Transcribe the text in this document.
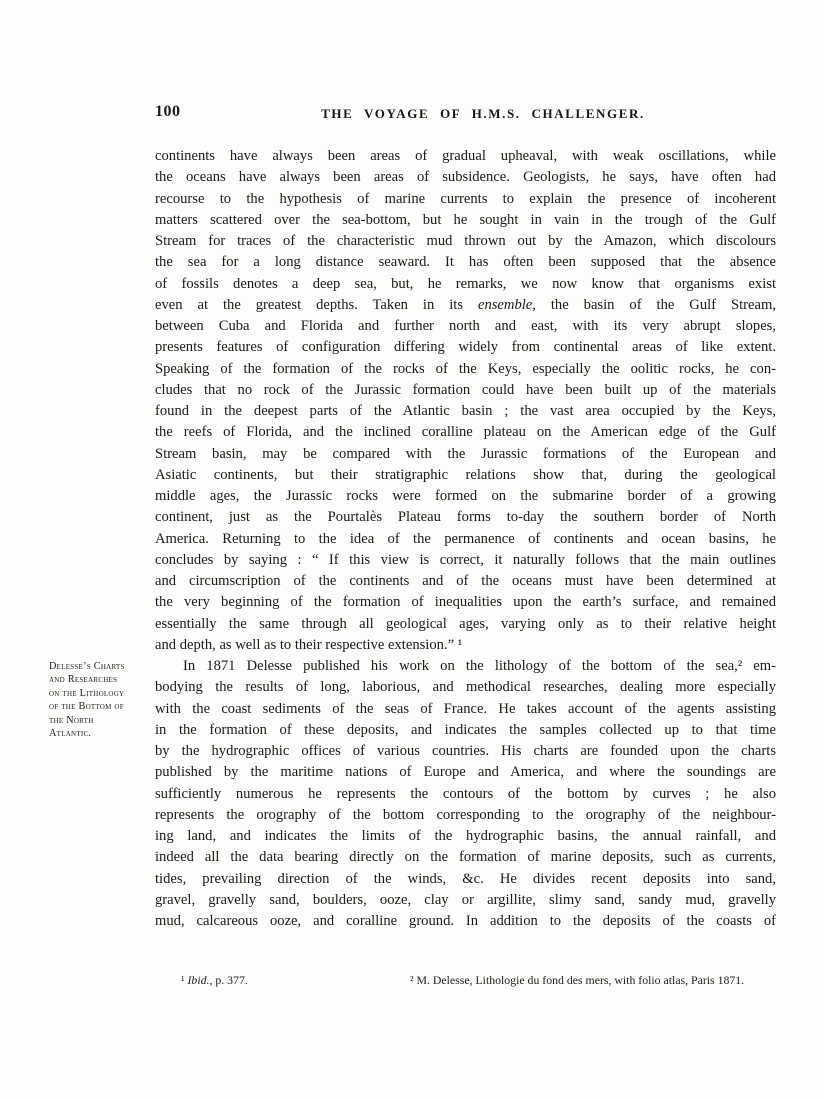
100	THE VOYAGE OF H.M.S. CHALLENGER.
Delesse’s Charts
and Researches
on the Lithology
of the Bottom of
the North
Atlantic.
continents have always been areas of gradual upheaval, with weak oscillations, while
the oceans have always been areas of subsidence. Geologists, he says, have often had
recourse to the hypothesis of marine currents to explain the presence of incoherent
matters scattered over the sea-bottom, but he sought in vain in the trough of the Gulf
Stream for traces of the characteristic mud thrown out by the Amazon, which discolours
the sea for a long distance seaward. It has often been supposed that the absence
of fossils denotes a deep sea, but, he remarks, we now know that organisms exist
even at the greatest depths. Taken in its ensemble, the basin of the Gulf Stream,
between Cuba and Florida and further north and east, with its very abrupt slopes,
presents features of configuration differing widely from continental areas of like extent.
Speaking of the formation of the rocks of the Keys, especially the oolitic rocks, he con-
cludes that no rock of the Jurassic formation could have been built up of the materials
found in the deepest parts of the Atlantic basin ; the vast area occupied by the Keys,
the reefs of Florida, and the inclined coralline plateau on the American edge of the Gulf
Stream basin, may be compared with the Jurassic formations of the European and
Asiatic continents, but their stratigraphic relations show that, during the geological
middle ages, the Jurassic rocks were formed on the submarine border of a growing
continent, just as the Pourtalès Plateau forms to-day the southern border of North
America. Returning to the idea of the permanence of continents and ocean basins, he
concludes by saying : “ If this view is correct, it naturally follows that the main outlines
and circumscription of the continents and of the oceans must have been determined at
the very beginning of the formation of inequalities upon the earth’s surface, and remained
essentially the same through all geological ages, varying only as to their relative height
and depth, as well as to their respective extension.” ¹
In 1871 Delesse published his work on the lithology of the bottom of the sea,² em-
bodying the results of long, laborious, and methodical researches, dealing more especially
with the coast sediments of the seas of France. He takes account of the agents assisting
in the formation of these deposits, and indicates the samples collected up to that time
by the hydrographic offices of various countries. His charts are founded upon the charts
published by the maritime nations of Europe and America, and where the soundings are
sufficiently numerous he represents the contours of the bottom by curves ; he also
represents the orography of the bottom corresponding to the orography of the neighbour-
ing land, and indicates the limits of the hydrographic basins, the annual rainfall, and
indeed all the data bearing directly on the formation of marine deposits, such as currents,
tides, prevailing direction of the winds, &c. He divides recent deposits into sand,
gravel, gravelly sand, boulders, ooze, clay or argillite, slimy sand, sandy mud, gravelly
mud, calcareous ooze, and coralline ground. In addition to the deposits of the coasts of
¹ Ibid., p. 377.	² M. Delesse, Lithologie du fond des mers, with folio atlas, Paris 1871.
